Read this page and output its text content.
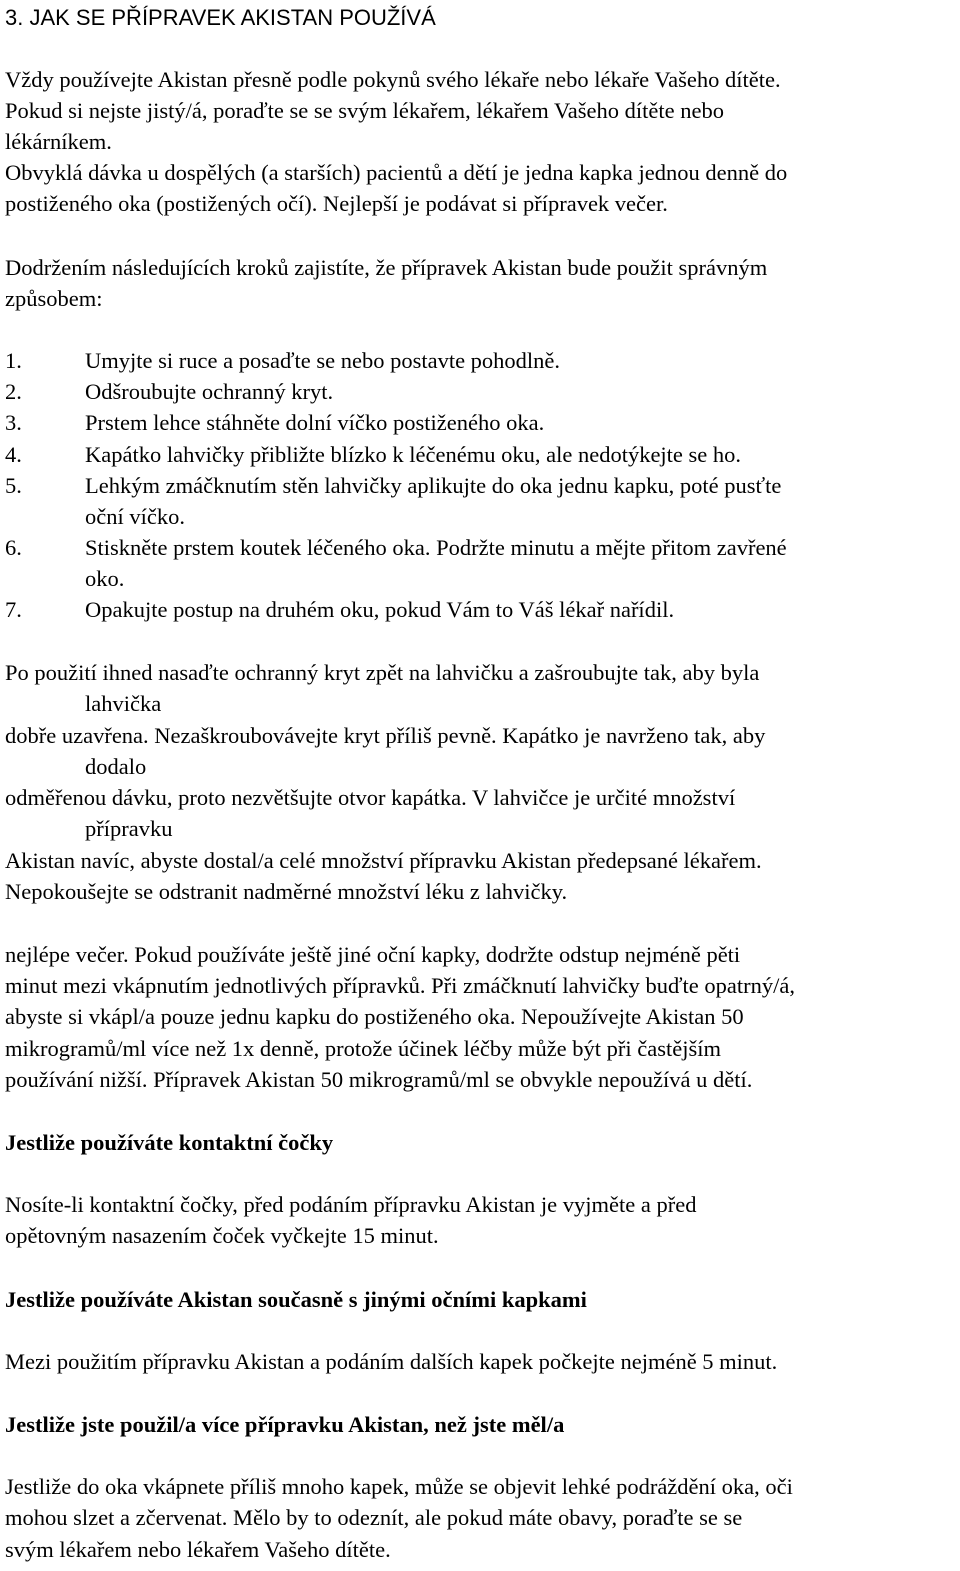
3. JAK SE PŘÍPRAVEK AKISTAN POUŽÍVÁ
Vždy používejte Akistan přesně podle pokynů svého lékaře nebo lékaře Vašeho dítěte.
Pokud si nejste jistý/á, poraďte se se svým lékařem, lékařem Vašeho dítěte nebo
lékárníkem.
Obvyklá dávka u dospělých (a starších) pacientů a dětí je jedna kapka jednou denně do
postiženého oka (postižených očí). Nejlepší je podávat si přípravek večer.
Dodržením následujících kroků zajistíte, že přípravek Akistan bude použit správným
způsobem:
1.	Umyjte si ruce a posaďte se nebo postavte pohodlně.
2.	Odšroubujte ochranný kryt.
3.	Prstem lehce stáhněte dolní víčko postiženého oka.
4.	Kapátko lahvičky přibližte blízko k léčenému oku, ale nedotýkejte se ho.
5.	Lehkým zmáčknutím stěn lahvičky aplikujte do oka jednu kapku, poté pusťte
oční víčko.
6.	Stiskněte prstem koutek léčeného oka. Podržte minutu a mějte přitom zavřené
oko.
7.	Opakujte postup na druhém oku, pokud Vám to Váš lékař nařídil.
Po použití ihned nasaďte ochranný kryt zpět na lahvičku a zašroubujte tak, aby byla
lahvička
dobře uzavřena. Nezaškroubovávejte kryt příliš pevně. Kapátko je navrženo tak, aby
dodalo
odměřenou dávku, proto nezvětšujte otvor kapátka. V lahvičce je určité množství
přípravku
Akistan navíc, abyste dostal/a celé množství přípravku Akistan předepsané lékařem.
Nepokoušejte se odstranit nadměrné množství léku z lahvičky.
nejlépe večer. Pokud používáte ještě jiné oční kapky, dodržte odstup nejméně pěti
minut mezi vkápnutím jednotlivých přípravků. Při zmáčknutí lahvičky buďte opatrný/á,
abyste si vkápl/a pouze jednu kapku do postiženého oka. Nepoužívejte Akistan 50
mikrogramů/ml více než 1x denně, protože účinek léčby může být při častějším
používání nižší. Přípravek Akistan 50 mikrogramů/ml se obvykle nepoužívá u dětí.
Jestliže používáte kontaktní čočky
Nosíte-li kontaktní čočky, před podáním přípravku Akistan je vyjměte a před
opětovným nasazením čoček vyčkejte 15 minut.
Jestliže používáte Akistan současně s jinými očními kapkami
Mezi použitím přípravku Akistan a podáním dalších kapek počkejte nejméně 5 minut.
Jestliže jste použil/a více přípravku Akistan, než jste měl/a
Jestliže do oka vkápnete příliš mnoho kapek, může se objevit lehké podráždění oka, oči
mohou slzet a zčervenat. Mělo by to odeznít, ale pokud máte obavy, poraďte se se
svým lékařem nebo lékařem Vašeho dítěte.
